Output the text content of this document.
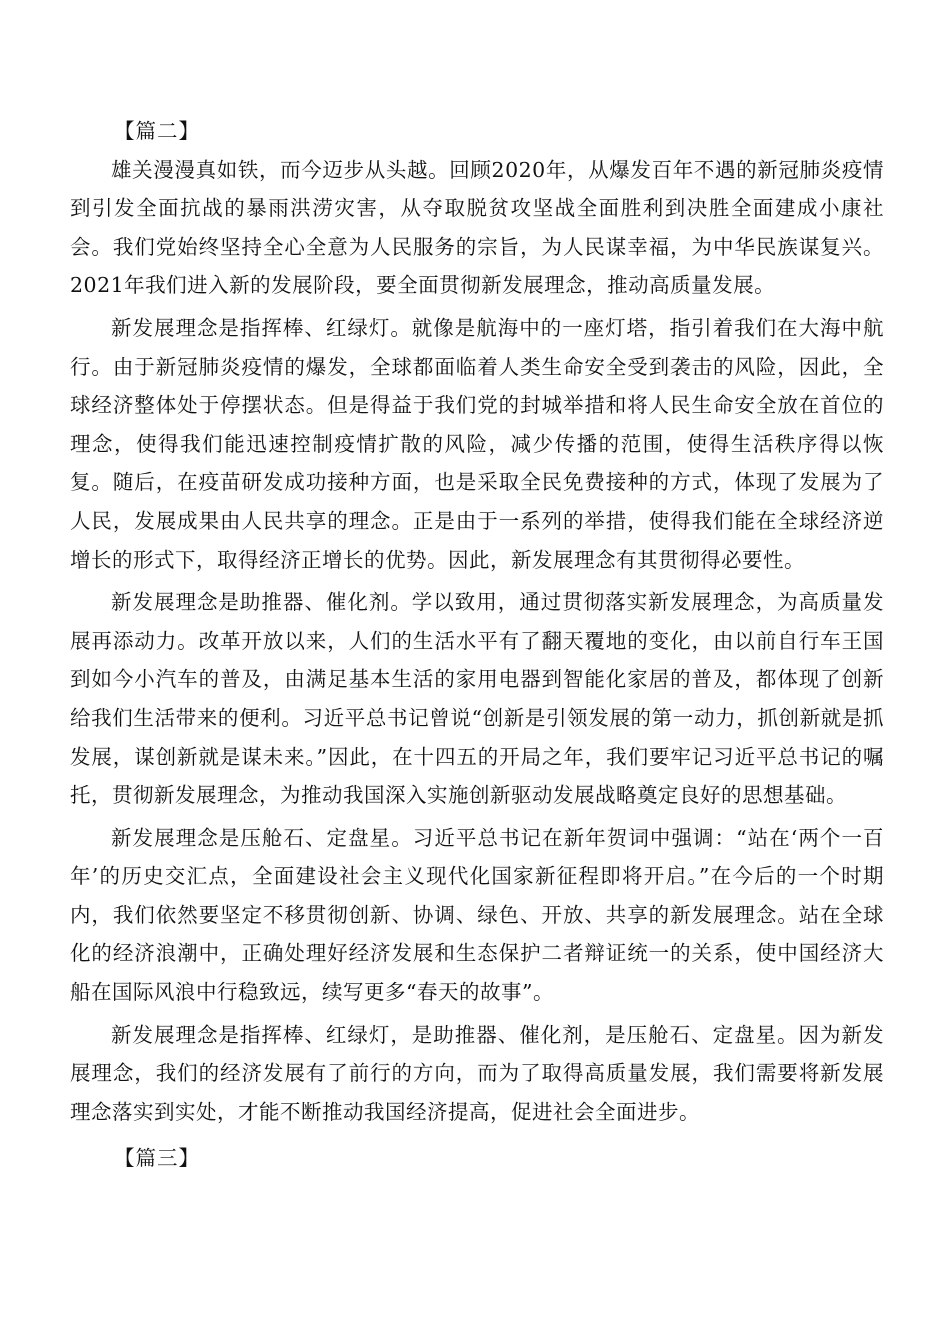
【篇二】

雄关漫漫真如铁，而今迈步从头越。回顾2020年，从爆发百年不遇的新冠肺炎疫情到引发全面抗战的暴雨洪涝灾害，从夺取脱贫攻坚战全面胜利到决胜全面建成小康社会。我们党始终坚持全心全意为人民服务的宗旨，为人民谋幸福，为中华民族谋复兴。2021年我们进入新的发展阶段，要全面贯彻新发展理念，推动高质量发展。

新发展理念是指挥棒、红绿灯。就像是航海中的一座灯塔，指引着我们在大海中航行。由于新冠肺炎疫情的爆发，全球都面临着人类生命安全受到袭击的风险，因此，全球经济整体处于停摆状态。但是得益于我们党的封城举措和将人民生命安全放在首位的理念，使得我们能迅速控制疫情扩散的风险，减少传播的范围，使得生活秩序得以恢复。随后，在疫苗研发成功接种方面，也是采取全民免费接种的方式，体现了发展为了人民，发展成果由人民共享的理念。正是由于一系列的举措，使得我们能在全球经济逆增长的形式下，取得经济正增长的优势。因此，新发展理念有其贯彻得必要性。

新发展理念是助推器、催化剂。学以致用，通过贯彻落实新发展理念，为高质量发展再添动力。改革开放以来，人们的生活水平有了翻天覆地的变化，由以前自行车王国到如今小汽车的普及，由满足基本生活的家用电器到智能化家居的普及，都体现了创新给我们生活带来的便利。习近平总书记曾说“创新是引领发展的第一动力，抓创新就是抓发展，谋创新就是谋未来。”因此，在十四五的开局之年，我们要牢记习近平总书记的嘱托，贯彻新发展理念，为推动我国深入实施创新驱动发展战略奠定良好的思想基础。

新发展理念是压舱石、定盘星。习近平总书记在新年贺词中强调：“站在‘两个一百年’的历史交汇点，全面建设社会主义现代化国家新征程即将开启。”在今后的一个时期内，我们依然要坚定不移贯彻创新、协调、绿色、开放、共享的新发展理念。站在全球化的经济浪潮中，正确处理好经济发展和生态保护二者辩证统一的关系，使中国经济大船在国际风浪中行稳致远，续写更多“春天的故事”。

新发展理念是指挥棒、红绿灯，是助推器、催化剂，是压舱石、定盘星。因为新发展理念，我们的经济发展有了前行的方向，而为了取得高质量发展，我们需要将新发展理念落实到实处，才能不断推动我国经济提高，促进社会全面进步。

【篇三】
